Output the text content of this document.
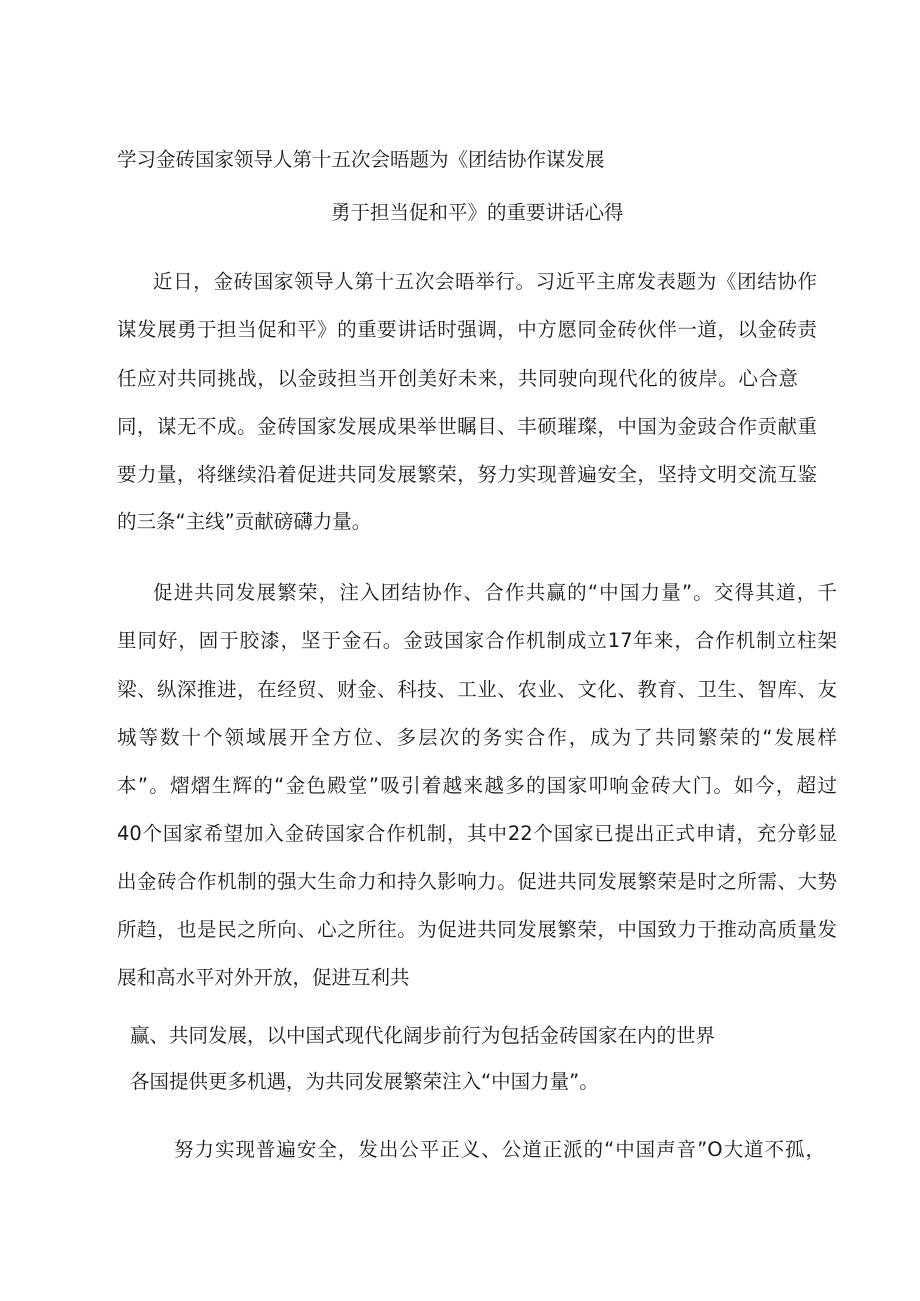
学习金砖国家领导人第十五次会晤题为《团结协作谋发展
勇于担当促和平》的重要讲话心得
近日，金砖国家领导人第十五次会晤举行。习近平主席发表题为《团结协作
谋发展勇于担当促和平》的重要讲话时强调，中方愿同金砖伙伴一道，以金砖责
任应对共同挑战，以金豉担当开创美好未来，共同驶向现代化的彼岸。心合意
同，谋无不成。金砖国家发展成果举世瞩目、丰硕璀璨，中国为金豉合作贡献重
要力量，将继续沿着促进共同发展繁荣，努力实现普遍安全，坚持文明交流互鉴
的三条“主线”贡献磅礴力量。
促进共同发展繁荣，注入团结协作、合作共赢的“中国力量”。交得其道，千
里同好，固于胶漆，坚于金石。金豉国家合作机制成立17年来，合作机制立柱架
梁、纵深推进，在经贸、财金、科技、工业、农业、文化、教育、卫生、智库、友
城等数十个领域展开全方位、多层次的务实合作，成为了共同繁荣的“发展样
本”。熠熠生辉的“金色殿堂”吸引着越来越多的国家叩响金砖大门。如今，超过
40个国家希望加入金砖国家合作机制，其中22个国家已提出正式申请，充分彰显
出金砖合作机制的强大生命力和持久影响力。促进共同发展繁荣是时之所需、大势
所趋，也是民之所向、心之所往。为促进共同发展繁荣，中国致力于推动高质量发
展和高水平对外开放，促进互利共
赢、共同发展，以中国式现代化阔步前行为包括金砖国家在内的世界
各国提供更多机遇，为共同发展繁荣注入“中国力量”。
努力实现普遍安全，发出公平正义、公道正派的“中国声音”O大道不孤，
